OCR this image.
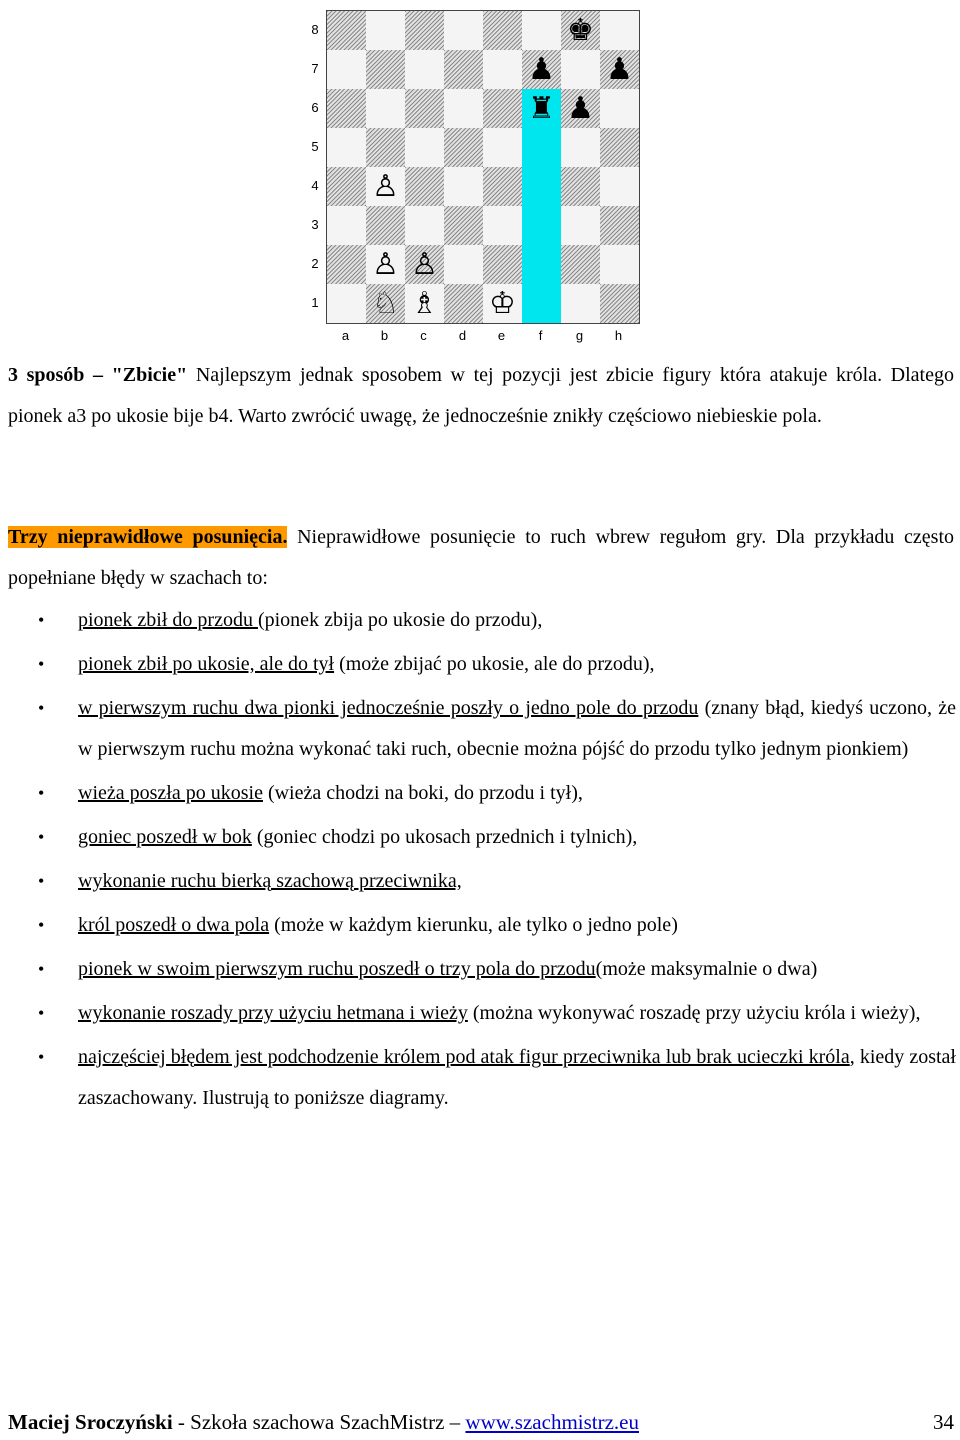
8
7
6
5
4
3
2
1
♚
♟ ♟
♜ ♟
♙
♙ ♙
♘ ♗ ♔
a	b	c	d	e	f	g	h
3 sposób – "Zbicie" Najlepszym jednak sposobem w tej pozycji jest zbicie figury która atakuje króla. Dlatego pionek a3 po ukosie bije b4. Warto zwrócić uwagę, że jednocześnie znikły częściowo niebieskie pola.
Trzy nieprawidłowe posunięcia. Nieprawidłowe posunięcie to ruch wbrew regułom gry. Dla przykładu często popełniane błędy w szachach to:
• pionek zbił do przodu (pionek zbija po ukosie do przodu),
• pionek zbił po ukosie, ale do tył (może zbijać po ukosie, ale do przodu),
• w pierwszym ruchu dwa pionki jednocześnie poszły o jedno pole do przodu (znany błąd, kiedyś uczono, że w pierwszym ruchu można wykonać taki ruch, obecnie można pójść do przodu tylko jednym pionkiem)
• wieża poszła po ukosie (wieża chodzi na boki, do przodu i tył),
• goniec poszedł w bok (goniec chodzi po ukosach przednich i tylnich),
• wykonanie ruchu bierką szachową przeciwnika,
• król poszedł o dwa pola (może w każdym kierunku, ale tylko o jedno pole)
• pionek w swoim pierwszym ruchu poszedł o trzy pola do przodu(może maksymalnie o dwa)
• wykonanie roszady przy użyciu hetmana i wieży (można wykonywać roszadę przy użyciu króla i wieży),
• najczęściej błędem jest podchodzenie królem pod atak figur przeciwnika lub brak ucieczki króla, kiedy został zaszachowany. Ilustrują to poniższe diagramy.
Maciej Sroczyński - Szkoła szachowa SzachMistrz – www.szachmistrz.eu	34
